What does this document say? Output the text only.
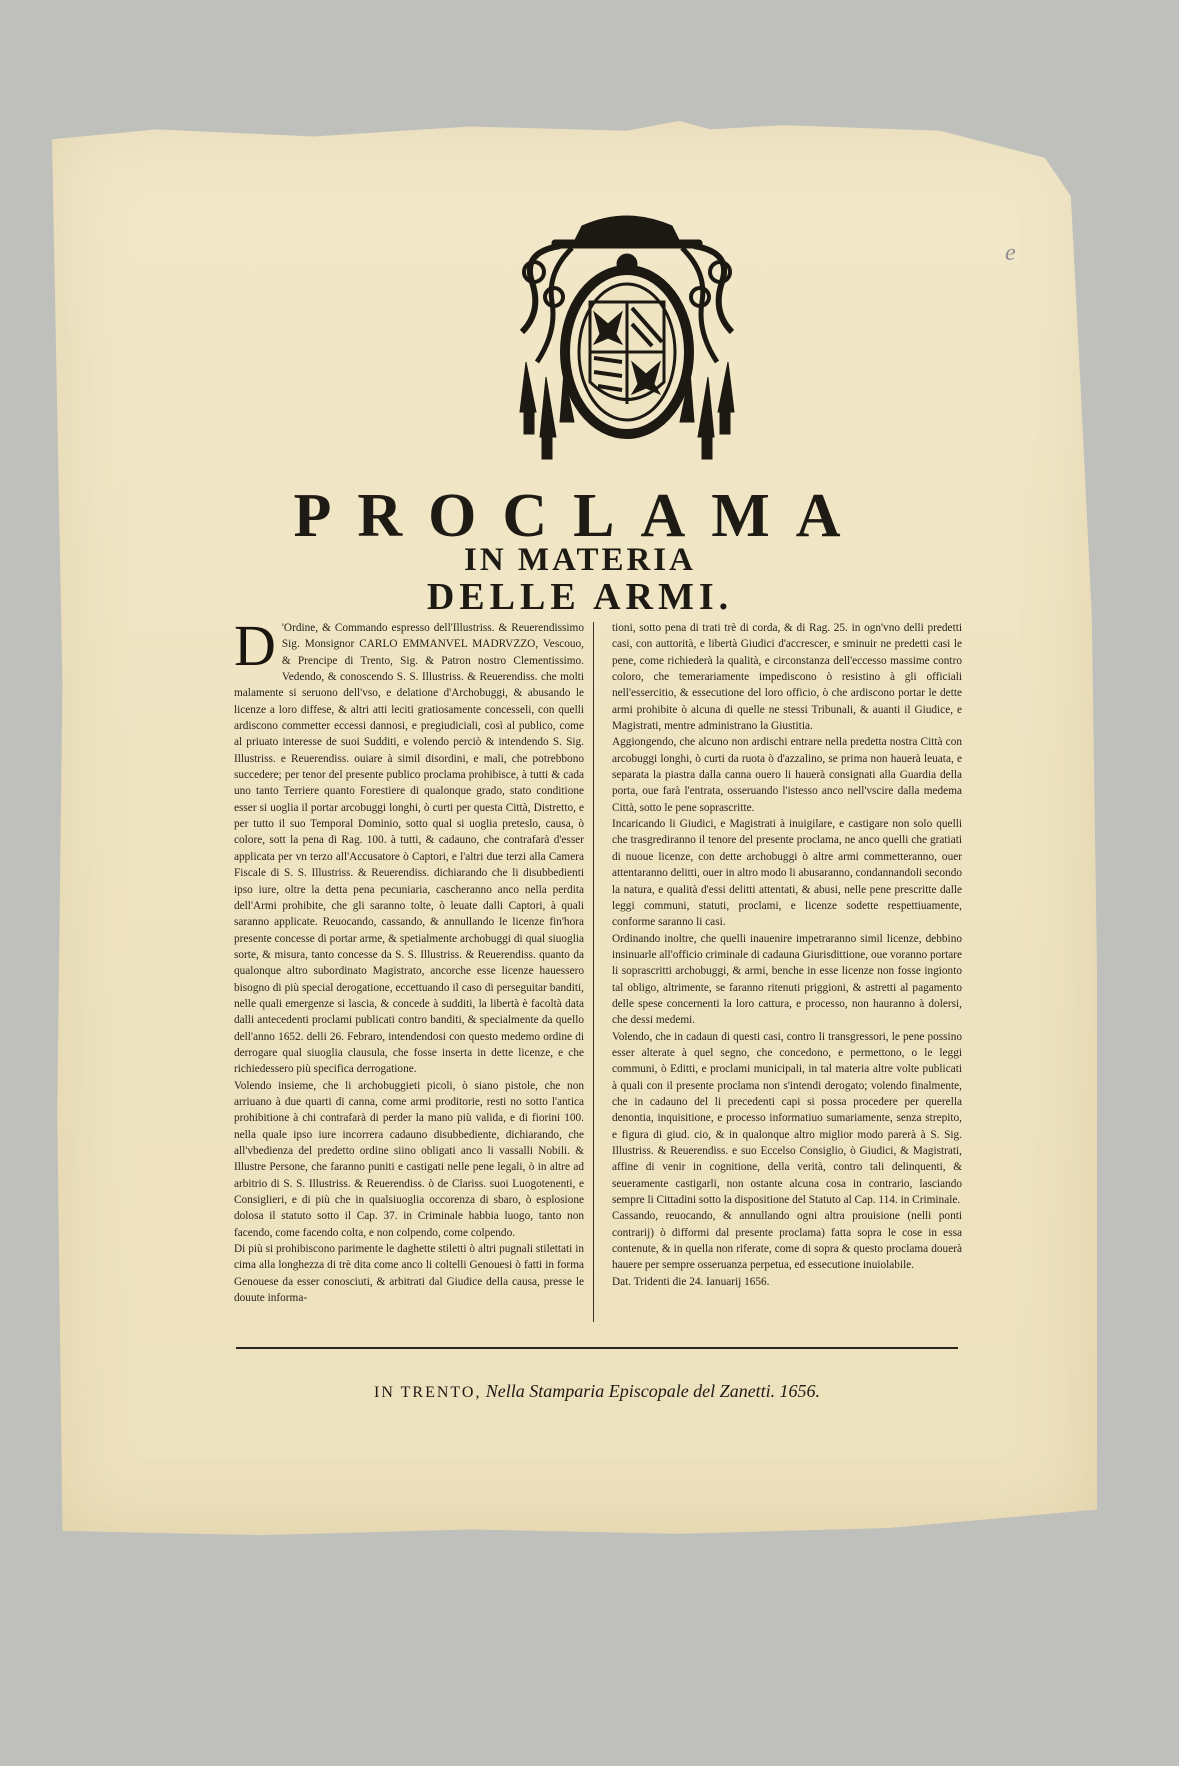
e
PROCLAMA
IN MATERIA
DELLE ARMI.
D 'Ordine, & Commando espresso dell'Illustriss. & Reuerendissimo Sig. Monsignor CARLO EMMANVEL MADRVZZO, Vescouo, & Prencipe di Trento, Sig. & Patron nostro Clementissimo. Vedendo, & conoscendo S. S. Illustriss. & Reuerendiss. che molti malamente si seruono dell'vso, e delatione d'Archobuggi, & abusando le licenze a loro diffese, & altri atti leciti gratiosamente concesseli, con quelli ardiscono commetter eccessi dannosi, e pregiudiciali, così al publico, come al priuato interesse de suoi Sudditi, e volendo perciò & intendendo S. Sig. Illustriss. e Reuerendiss. ouiare à simil disordini, e mali, che potrebbono succedere; per tenor del presente publico proclama prohibisce, à tutti & cada uno tanto Terriere quanto Forestiere di qualonque grado, stato conditione esser si uoglia il portar arcobuggi longhi, ò curti per questa Città, Distretto, e per tutto il suo Temporal Dominio, sotto qual si uoglia preteslo, causa, ò colore, sott la pena di Rag. 100. à tutti, & cadauno, che contrafarà d'esser applicata per vn terzo all'Accusatore ò Captori, e l'altri due terzi alla Camera Fiscale di S. S. Illustriss. & Reuerendiss. dichiarando che li disubbedienti ipso iure, oltre la detta pena pecuniaria, cascheranno anco nella perdita dell'Armi prohibite, che gli saranno tolte, ò leuate dalli Captori, à quali saranno applicate. Reuocando, cassando, & annullando le licenze fin'hora presente concesse di portar arme, & spetialmente archobuggi di qual siuoglia sorte, & misura, tanto concesse da S. S. Illustriss. & Reuerendiss. quanto da qualonque altro subordinato Magistrato, ancorche esse licenze hauessero bisogno di più special derogatione, eccettuando il caso di perseguitar banditi, nelle quali emergenze si lascia, & concede à sudditi, la libertà è facoltà data dalli antecedenti proclami publicati contro banditi, & specialmente da quello dell'anno 1652. delli 26. Febraro, intendendosi con questo medemo ordine di derrogare qual siuoglia clausula, che fosse inserta in dette licenze, e che richiedessero più specifica derrogatione.

Volendo insieme, che li archobuggieti picoli, ò siano pistole, che non arriuano à due quarti di canna, come armi proditorie, resti no sotto l'antica prohibitione à chi contrafarà di perder la mano più valida, e di fiorini 100. nella quale ipso iure incorrera cadauno disubbediente, dichiarando, che all'vbedienza del predetto ordine siino obligati anco li vassalli Nobili. & Illustre Persone, che faranno puniti e castigati nelle pene legali, ò in altre ad arbitrio di S. S. Illustriss. & Reuerendiss. ò de Clariss. suoi Luogotenenti, e Consiglieri, e di più che in qualsiuoglia occorenza di sbaro, ò esplosione dolosa il statuto sotto il Cap. 37. in Criminale habbia luogo, tanto non facendo, come facendo colta, e non colpendo, come colpendo.

Di più si prohibiscono parimente le daghette stiletti ò altri pugnali stilettati in cima alla longhezza di trè dita come anco li coltelli Genouesi ò fatti in forma Genouese da esser conosciuti, & arbitrati dal Giudice della causa, presse le douute informa-

tioni, sotto pena di trati trè di corda, & di Rag. 25. in ogn'vno delli predetti casi, con auttorità, e libertà Giudici d'accrescer, e sminuir ne predetti casi le pene, come richiederà la qualità, e circonstanza dell'eccesso massime contro coloro, che temerariamente impediscono ò resistino à gli officiali nell'essercitio, & essecutione del loro officio, ò che ardiscono portar le dette armi prohibite ò alcuna di quelle ne stessi Tribunali, & auanti il Giudice, e Magistrati, mentre administrano la Giustitia.

Aggiongendo, che alcuno non ardischi entrare nella predetta nostra Città con arcobuggi longhi, ò curti da ruota ò d'azzalino, se prima non hauerà leuata, e separata la piastra dalla canna ouero li hauerà consignati alla Guardia della porta, oue farà l'entrata, osseruando l'istesso anco nell'vscire dalla medema Città, sotto le pene soprascritte.

Incaricando li Giudici, e Magistrati à inuigilare, e castigare non solo quelli che trasgrediranno il tenore del presente proclama, ne anco quelli che gratiati di nuoue licenze, con dette archobuggi ò altre armi commetteranno, ouer attentaranno delitti, ouer in altro modo li abusaranno, condannandoli secondo la natura, e qualità d'essi delitti attentati, & abusi, nelle pene prescritte dalle leggi communi, statuti, proclami, e licenze sodette respettiuamente, conforme saranno li casi.

Ordinando inoltre, che quelli inauenire impetraranno simil licenze, debbino insinuarle all'officio criminale di cadauna Giurisdittione, oue voranno portare li soprascritti archobuggi, & armi, benche in esse licenze non fosse ingionto tal obligo, altrimente, se faranno ritenuti priggioni, & astretti al pagamento delle spese concernenti la loro cattura, e processo, non hauranno à dolersi, che dessi medemi.

Volendo, che in cadaun di questi casi, contro li transgressori, le pene possino esser alterate à quel segno, che concedono, e permettono, o le leggi communi, ò Editti, e proclami municipali, in tal materia altre volte publicati à quali con il presente proclama non s'intendi derogato; volendo finalmente, che in cadauno del li precedenti capi si possa procedere per querella denontia, inquisitione, e processo informatiuo sumariamente, senza strepito, e figura di giud. cio, & in qualonque altro miglior modo parerà à S. Sig. Illustriss. & Reuerendiss. e suo Eccelso Consiglio, ò Giudici, & Magistrati, affine di venir in cognitione, della verità, contro tali delinquenti, & seueramente castigarli, non ostante alcuna cosa in contrario, lasciando sempre li Cittadini sotto la dispositione del Statuto al Cap. 114. in Criminale.

Cassando, reuocando, & annullando ogni altra prouisione (nelli ponti contrarij) ò difformi dal presente proclama) fatta sopra le cose in essa contenute, & in quella non riferate, come di sopra & questo proclama douerà hauere per sempre osseruanza perpetua, ed essecutione inuiolabile.

Dat. Tridenti die 24. Ianuarij 1656.

IN TRENTO, Nella Stamparia Episcopale del Zanetti. 1656.
